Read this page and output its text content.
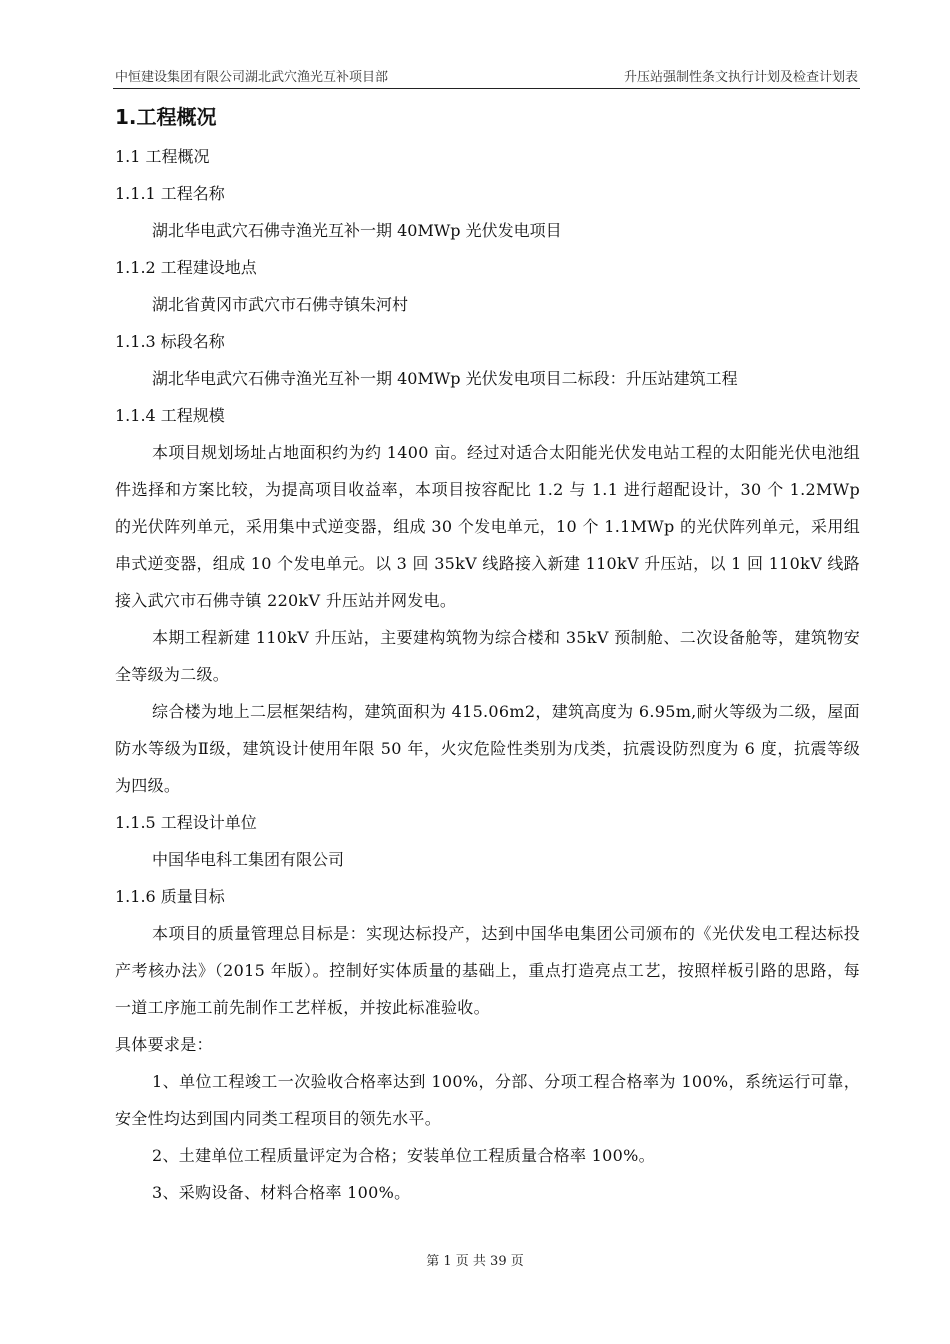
中恒建设集团有限公司湖北武穴渔光互补项目部	升压站强制性条文执行计划及检查计划表
1.工程概况
1.1 工程概况
1.1.1 工程名称
湖北华电武穴石佛寺渔光互补一期 40MWp 光伏发电项目
1.1.2 工程建设地点
湖北省黄冈市武穴市石佛寺镇朱河村
1.1.3 标段名称
湖北华电武穴石佛寺渔光互补一期 40MWp 光伏发电项目二标段：升压站建筑工程
1.1.4 工程规模

本项目规划场址占地面积约为约 1400 亩。经过对适合太阳能光伏发电站工程的太阳能光伏电池组件选择和方案比较，为提高项目收益率，本项目按容配比 1.2 与 1.1 进行超配设计，30 个 1.2MWp 的光伏阵列单元，采用集中式逆变器，组成 30 个发电单元，10 个 1.1MWp 的光伏阵列单元，采用组串式逆变器，组成 10 个发电单元。以 3 回 35kV 线路接入新建 110kV 升压站，以 1 回 110kV 线路接入武穴市石佛寺镇 220kV 升压站并网发电。

本期工程新建 110kV 升压站，主要建构筑物为综合楼和 35kV 预制舱、二次设备舱等，建筑物安全等级为二级。

综合楼为地上二层框架结构，建筑面积为 415.06m2，建筑高度为 6.95m,耐火等级为二级，屋面防水等级为Ⅱ级，建筑设计使用年限 50 年，火灾危险性类别为戊类，抗震设防烈度为 6 度，抗震等级为四级。

1.1.5 工程设计单位
中国华电科工集团有限公司
1.1.6 质量目标

本项目的质量管理总目标是：实现达标投产，达到中国华电集团公司颁布的《光伏发电工程达标投产考核办法》（2015 年版）。控制好实体质量的基础上，重点打造亮点工艺，按照样板引路的思路，每一道工序施工前先制作工艺样板，并按此标准验收。

具体要求是：

1、单位工程竣工一次验收合格率达到 100%，分部、分项工程合格率为 100%，系统运行可靠，安全性均达到国内同类工程项目的领先水平。

2、土建单位工程质量评定为合格；安装单位工程质量合格率 100%。

3、采购设备、材料合格率 100%。

第 1 页 共 39 页
